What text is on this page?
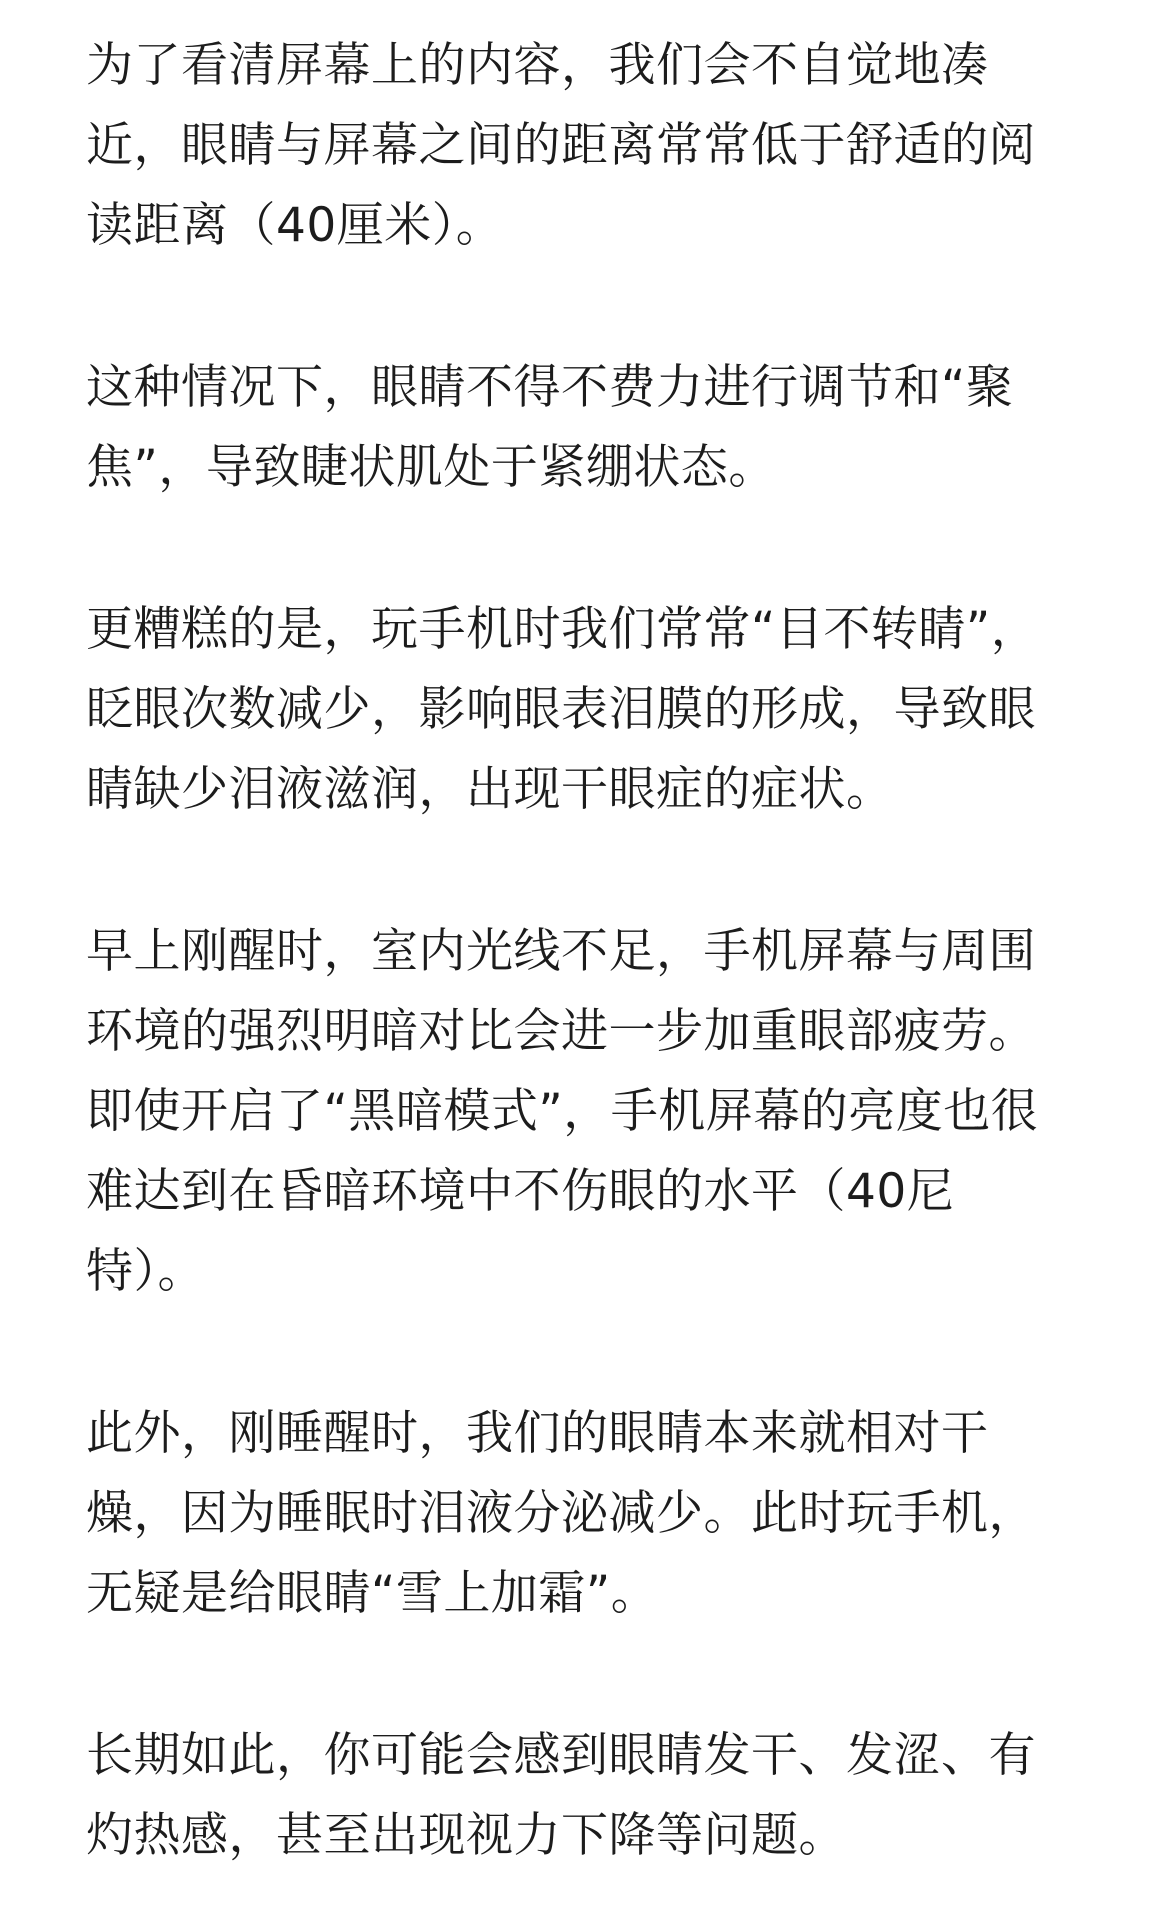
为了看清屏幕上的内容，我们会不自觉地凑
近，眼睛与屏幕之间的距离常常低于舒适的阅
读距离（40厘米）。

这种情况下，眼睛不得不费力进行调节和“聚
焦”，导致睫状肌处于紧绷状态。

更糟糕的是，玩手机时我们常常“目不转睛”，
眨眼次数减少，影响眼表泪膜的形成，导致眼
睛缺少泪液滋润，出现干眼症的症状。

早上刚醒时，室内光线不足，手机屏幕与周围
环境的强烈明暗对比会进一步加重眼部疲劳。
即使开启了“黑暗模式”，手机屏幕的亮度也很
难达到在昏暗环境中不伤眼的水平（40尼
特）。

此外，刚睡醒时，我们的眼睛本来就相对干
燥，因为睡眠时泪液分泌减少。此时玩手机，
无疑是给眼睛“雪上加霜”。

长期如此，你可能会感到眼睛发干、发涩、有
灼热感，甚至出现视力下降等问题。
